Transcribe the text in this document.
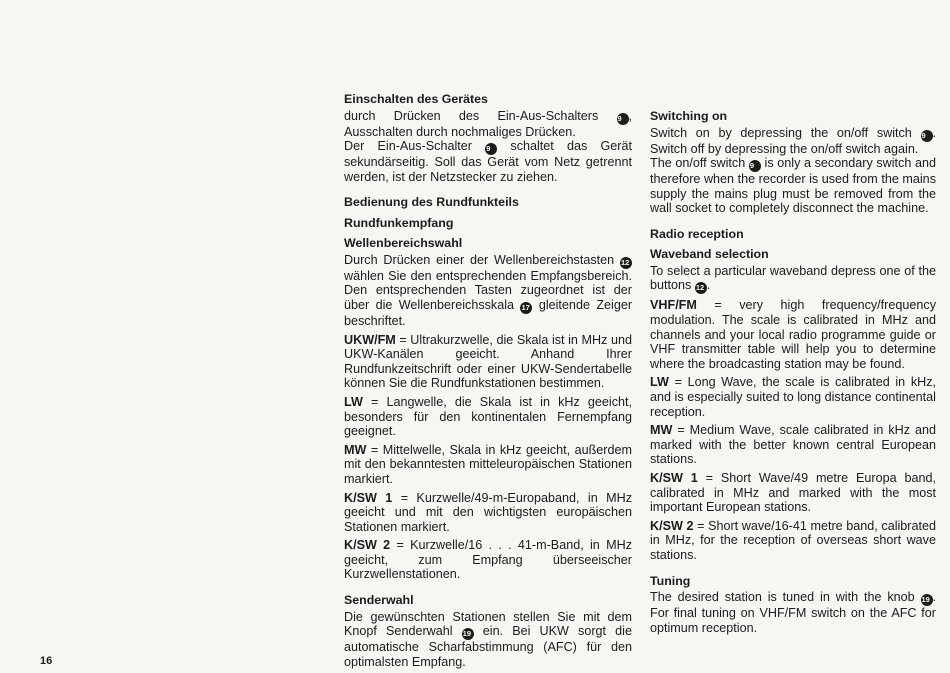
16
Einschalten des Gerätes

durch Drücken des Ein-Aus-Schalters	9 , Ausschalten durch nochmaliges Drücken.

Der Ein-Aus-Schalter 9 schaltet das Gerät sekundärseitig. Soll das Gerät vom Netz getrennt werden, ist der Netzstecker zu ziehen.

Bedienung des Rundfunkteils
Rundfunkempfang
Wellenbereichswahl

Durch Drücken einer der Wellenbereichstasten 12 wählen Sie den entsprechenden Empfangsbereich. Den entsprechenden Tasten zugeordnet ist der über die Wellenbereichsskala 17 gleitende Zeiger beschriftet.

UKW/FM = Ultrakurzwelle, die Skala ist in MHz und UKW-Kanälen geeicht. Anhand Ihrer Rundfunkzeitschrift oder einer UKW-Sendertabelle können Sie die Rundfunkstationen bestimmen.

LW = Langwelle, die Skala ist in kHz geeicht, besonders für den kontinentalen Fernempfang geeignet.

MW = Mittelwelle, Skala in kHz geeicht, außerdem mit den bekanntesten mitteleuropäischen Stationen markiert.

K/SW 1 = Kurzwelle/49-m-Europaband, in MHz geeicht und mit den wichtigsten europäischen Stationen markiert.

K/SW 2 = Kurzwelle/16 . . . 41-m-Band, in MHz geeicht, zum Empfang überseeischer Kurzwellenstationen.

Senderwahl

Die gewünschten Stationen stellen Sie mit dem Knopf Senderwahl 19 ein. Bei UKW sorgt die automatische Scharfabstimmung (AFC) für den optimalsten Empfang.

Switching on

Switch on by depressing the on/off switch 9 . Switch off by depressing the on/off switch again.

The on/off switch 9 is only a secondary switch and therefore when the recorder is used from the mains supply the mains plug must be removed from the wall socket to completely disconnect the machine.

Radio reception
Waveband selection

To select a particular waveband depress one of the buttons 12 .

VHF/FM = very high frequency/frequency modulation. The scale is calibrated in MHz and channels and your local radio programme guide or VHF transmitter table will help you to determine where the broadcasting station may be found.

LW = Long Wave, the scale is calibrated in kHz, and is especially suited to long distance continental reception.

MW = Medium Wave, scale calibrated in kHz and marked with the better known central European stations.

K/SW 1 = Short Wave/49 metre Europa band, calibrated in MHz and marked with the most important European stations.

K/SW 2 = Short wave/16-41 metre band, calibrated in MHz, for the reception of overseas short wave stations.

Tuning

The desired station is tuned in with the knob 19 . For final tuning on VHF/FM switch on the AFC for optimum reception.
